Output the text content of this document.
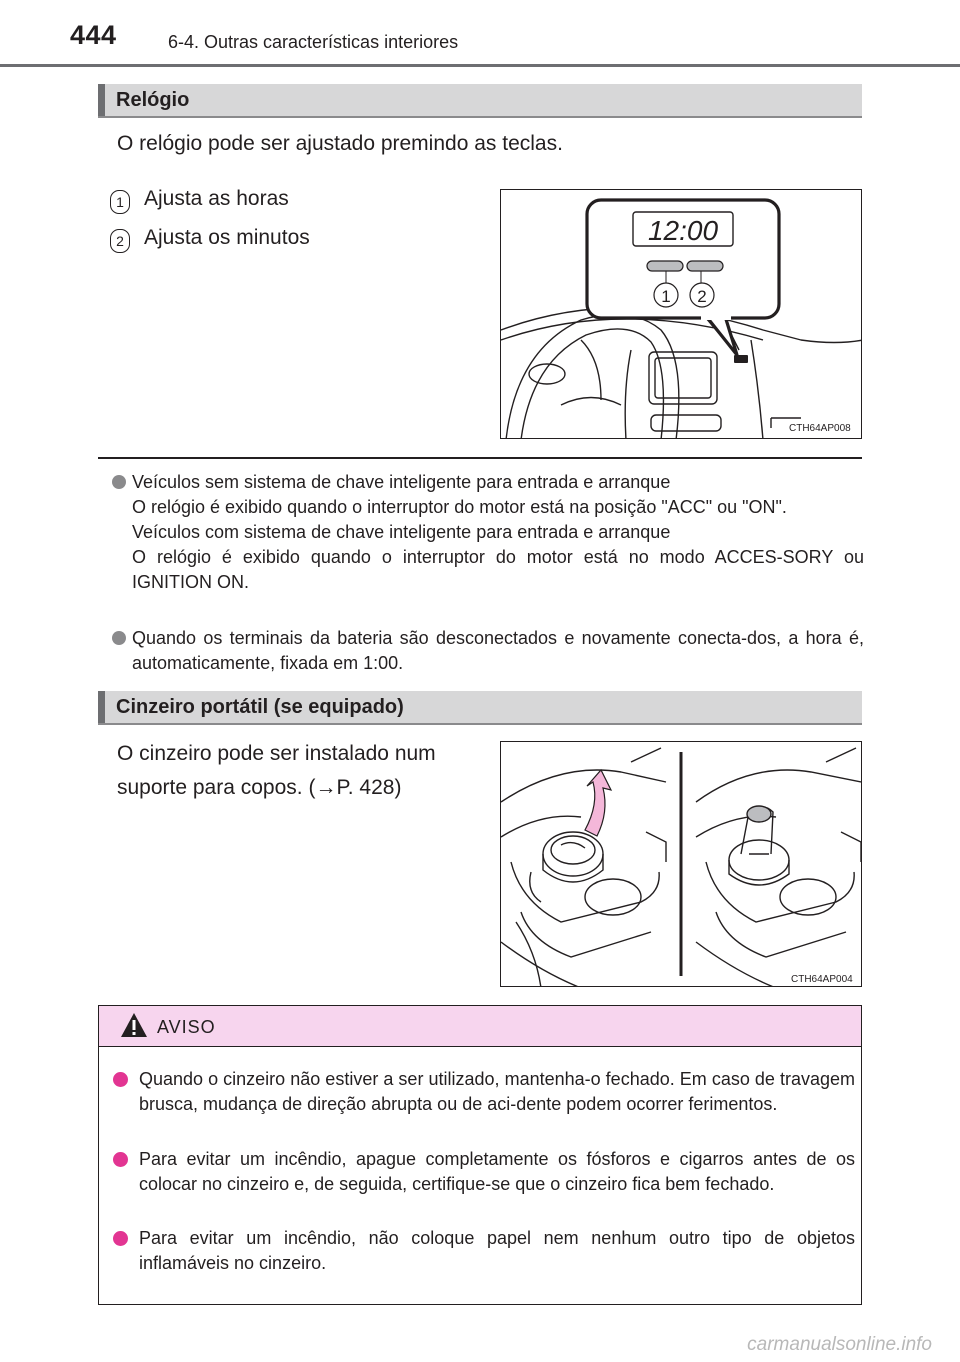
444	6-4. Outras características interiores
Relógio
O relógio pode ser ajustado premindo as teclas.
1 Ajusta as horas
2 Ajusta os minutos	12:00
1 2
CTH64AP008
Veículos sem sistema de chave inteligente para entrada e arranque
O relógio é exibido quando o interruptor do motor está na posição "ACC" ou "ON".
Veículos com sistema de chave inteligente para entrada e arranque
O relógio é exibido quando o interruptor do motor está no modo ACCES-SORY ou IGNITION ON.
Quando os terminais da bateria são desconectados e novamente conecta-dos, a hora é, automaticamente, fixada em 1:00.
Cinzeiro portátil (se equipado)
O cinzeiro pode ser instalado num
suporte para copos. (→P. 428)
CTH64AP004
AVISO
Quando o cinzeiro não estiver a ser utilizado, mantenha-o fechado. Em caso de travagem brusca, mudança de direção abrupta ou de aci-dente podem ocorrer ferimentos.
Para evitar um incêndio, apague completamente os fósforos e cigarros antes de os colocar no cinzeiro e, de seguida, certifique-se que o cinzeiro fica bem fechado.
Para evitar um incêndio, não coloque papel nem nenhum outro tipo de objetos inflamáveis no cinzeiro.
carmanualsonline.info
